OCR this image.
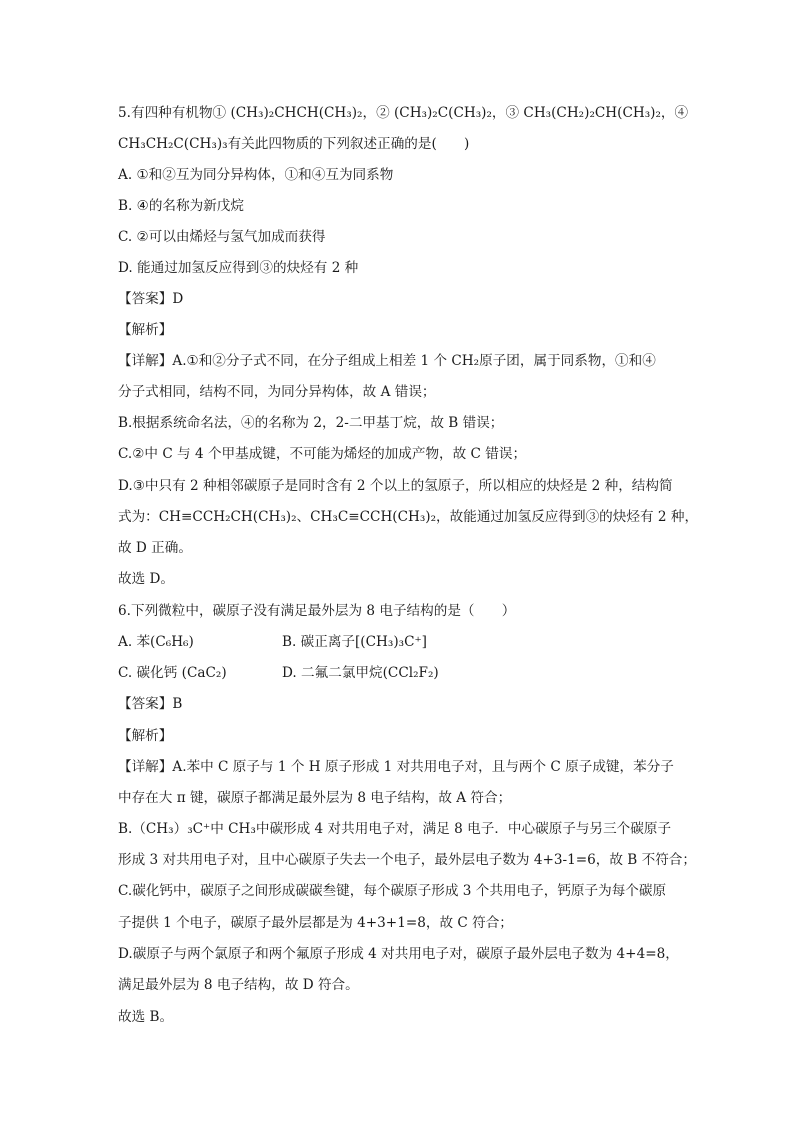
5.有四种有机物① (CH₃)₂CHCH(CH₃)₂，② (CH₃)₂C(CH₃)₂，③ CH₃(CH₂)₂CH(CH₃)₂，④
CH₃CH₂C(CH₃)₃有关此四物质的下列叙述正确的是(　　)
A. ①和②互为同分异构体，①和④互为同系物
B. ④的名称为新戊烷
C. ②可以由烯烃与氢气加成而获得
D. 能通过加氢反应得到③的炔烃有 2 种
【答案】D
【解析】
【详解】A.①和②分子式不同，在分子组成上相差 1 个 CH₂原子团，属于同系物，①和④
分子式相同，结构不同，为同分异构体，故 A 错误；
B.根据系统命名法，④的名称为 2，2-二甲基丁烷，故 B 错误；
C.②中 C 与 4 个甲基成键，不可能为烯烃的加成产物，故 C 错误；
D.③中只有 2 种相邻碳原子是同时含有 2 个以上的氢原子，所以相应的炔烃是 2 种，结构简
式为：CH≡CCH₂CH(CH₃)₂、CH₃C≡CCH(CH₃)₂，故能通过加氢反应得到③的炔烃有 2 种，
故 D 正确。
故选 D。
6.下列微粒中，碳原子没有满足最外层为 8 电子结构的是（　　）
A. 苯(C₆H₆)	B. 碳正离子[(CH₃)₃C⁺]
C. 碳化钙 (CaC₂)	D. 二氟二氯甲烷(CCl₂F₂)
【答案】B
【解析】
【详解】A.苯中 C 原子与 1 个 H 原子形成 1 对共用电子对，且与两个 C 原子成键，苯分子
中存在大 π 键，碳原子都满足最外层为 8 电子结构，故 A 符合；
B.（CH₃）₃C⁺中 CH₃中碳形成 4 对共用电子对，满足 8 电子．中心碳原子与另三个碳原子
形成 3 对共用电子对，且中心碳原子失去一个电子，最外层电子数为 4+3-1=6，故 B 不符合；
C.碳化钙中，碳原子之间形成碳碳叁键，每个碳原子形成 3 个共用电子，钙原子为每个碳原
子提供 1 个电子，碳原子最外层都是为 4+3+1=8，故 C 符合；
D.碳原子与两个氯原子和两个氟原子形成 4 对共用电子对，碳原子最外层电子数为 4+4=8，
满足最外层为 8 电子结构，故 D 符合。
故选 B。
